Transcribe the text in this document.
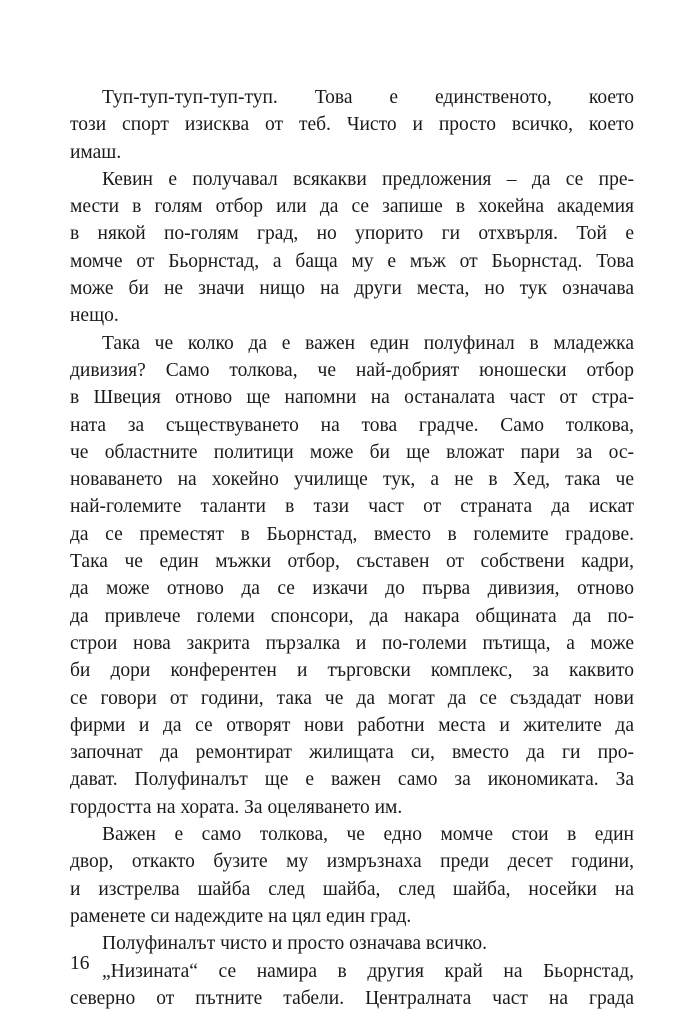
Туп-туп-туп-туп-туп. Това е единственото, което
този спорт изисква от теб. Чисто и просто всичко, което
имаш.
Кевин е получавал всякакви предложения – да се пре-
мести в голям отбор или да се запише в хокейна академия
в някой по-голям град, но упорито ги отхвърля. Той е
момче от Бьорнстад, а баща му е мъж от Бьорнстад. Това
може би не значи нищо на други места, но тук означава
нещо.
Така че колко да е важен един полуфинал в младежка
дивизия? Само толкова, че най-добрият юношески отбор
в Швеция отново ще напомни на останалата част от стра-
ната за съществуването на това градче. Само толкова,
че областните политици може би ще вложат пари за ос-
новаването на хокейно училище тук, а не в Хед, така че
най-големите таланти в тази част от страната да искат
да се преместят в Бьорнстад, вместо в големите градове.
Така че един мъжки отбор, съставен от собствени кадри,
да може отново да се изкачи до първа дивизия, отново
да привлече големи спонсори, да накара общината да по-
строи нова закрита пързалка и по-големи пътища, а може
би дори конферентен и търговски комплекс, за каквито
се говори от години, така че да могат да се създадат нови
фирми и да се отворят нови работни места и жителите да
започнат да ремонтират жилищата си, вместо да ги про-
дават. Полуфиналът ще е важен само за икономиката. За
гордостта на хората. За оцеляването им.
Важен е само толкова, че едно момче стои в един
двор, откакто бузите му измръзнаха преди десет години,
и изстрелва шайба след шайба, след шайба, носейки на
раменете си надеждите на цял един град.
Полуфиналът чисто и просто означава всичко.
„Низината“ се намира в другия край на Бьорнстад,
северно от пътните табели. Централната част на града
16
